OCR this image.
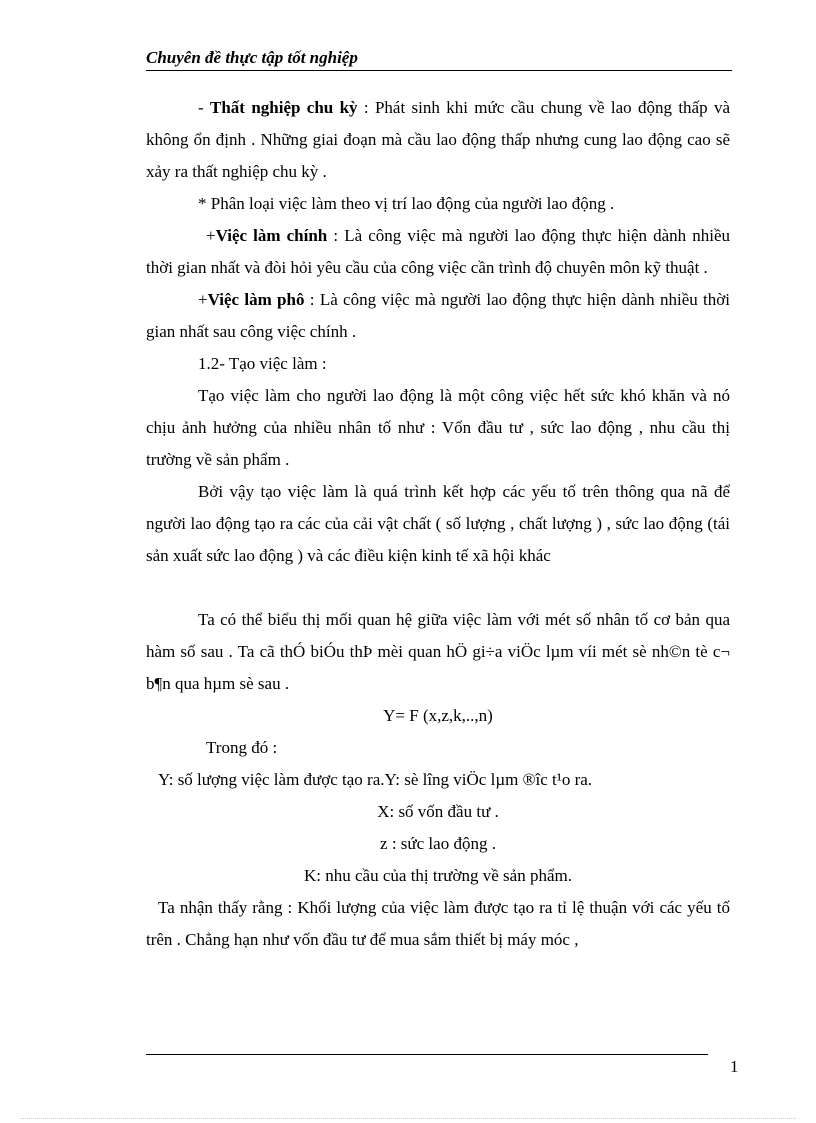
Chuyên đề thực tập tốt nghiệp

- Thất nghiệp chu kỳ : Phát sinh khi mức cầu chung về lao động thấp và không ổn định . Những giai đoạn mà cầu lao động thấp nhưng cung lao động cao sẽ xảy ra thất nghiệp chu kỳ .

* Phân loại việc làm theo vị trí lao động của người lao động .

+Việc làm chính : Là công việc mà người lao động thực hiện dành nhiều thời gian nhất và đòi hỏi yêu cầu của công việc cần trình độ chuyên môn kỹ thuật .

+Việc làm phô : Là công việc mà người lao động thực hiện dành nhiều thời gian nhất sau công việc chính .

1.2- Tạo việc làm :

Tạo việc làm cho người lao động là một công việc hết sức khó khăn và nó chịu ảnh hưởng của nhiều nhân tố như : Vốn đầu tư , sức lao động , nhu cầu thị trường về sản phẩm .

Bởi vậy tạo việc làm là quá trình kết hợp các yếu tố trên thông qua nã để người lao động tạo ra các của cải vật chất ( số lượng , chất lượng ) , sức lao động (tái sản xuất sức lao động ) và các điều kiện kinh tế xã hội khác

Ta có thể biểu thị mối quan hệ giữa việc làm với mét số nhân tố cơ bản qua hàm số sau . Ta cã thÓ biÓu thÞ mèi quan hÖ gi÷a viÖc lµm víi mét sè nh©n tè c¬ b¶n qua hµm sè sau .

Y= F (x,z,k,..,n)

Trong đó :

Y: số lượng việc làm được tạo ra.Y: sè lîng viÖc lµm ®îc t¹o ra.

X: số vốn đầu tư .

z : sức lao động .

K: nhu cầu của thị trường về sản phẩm.

Ta nhận thấy rằng : Khối lượng của việc làm được tạo ra tỉ lệ thuận với các yếu tố trên . Chẳng hạn như vốn đầu tư để mua sắm thiết bị máy móc ,

1
